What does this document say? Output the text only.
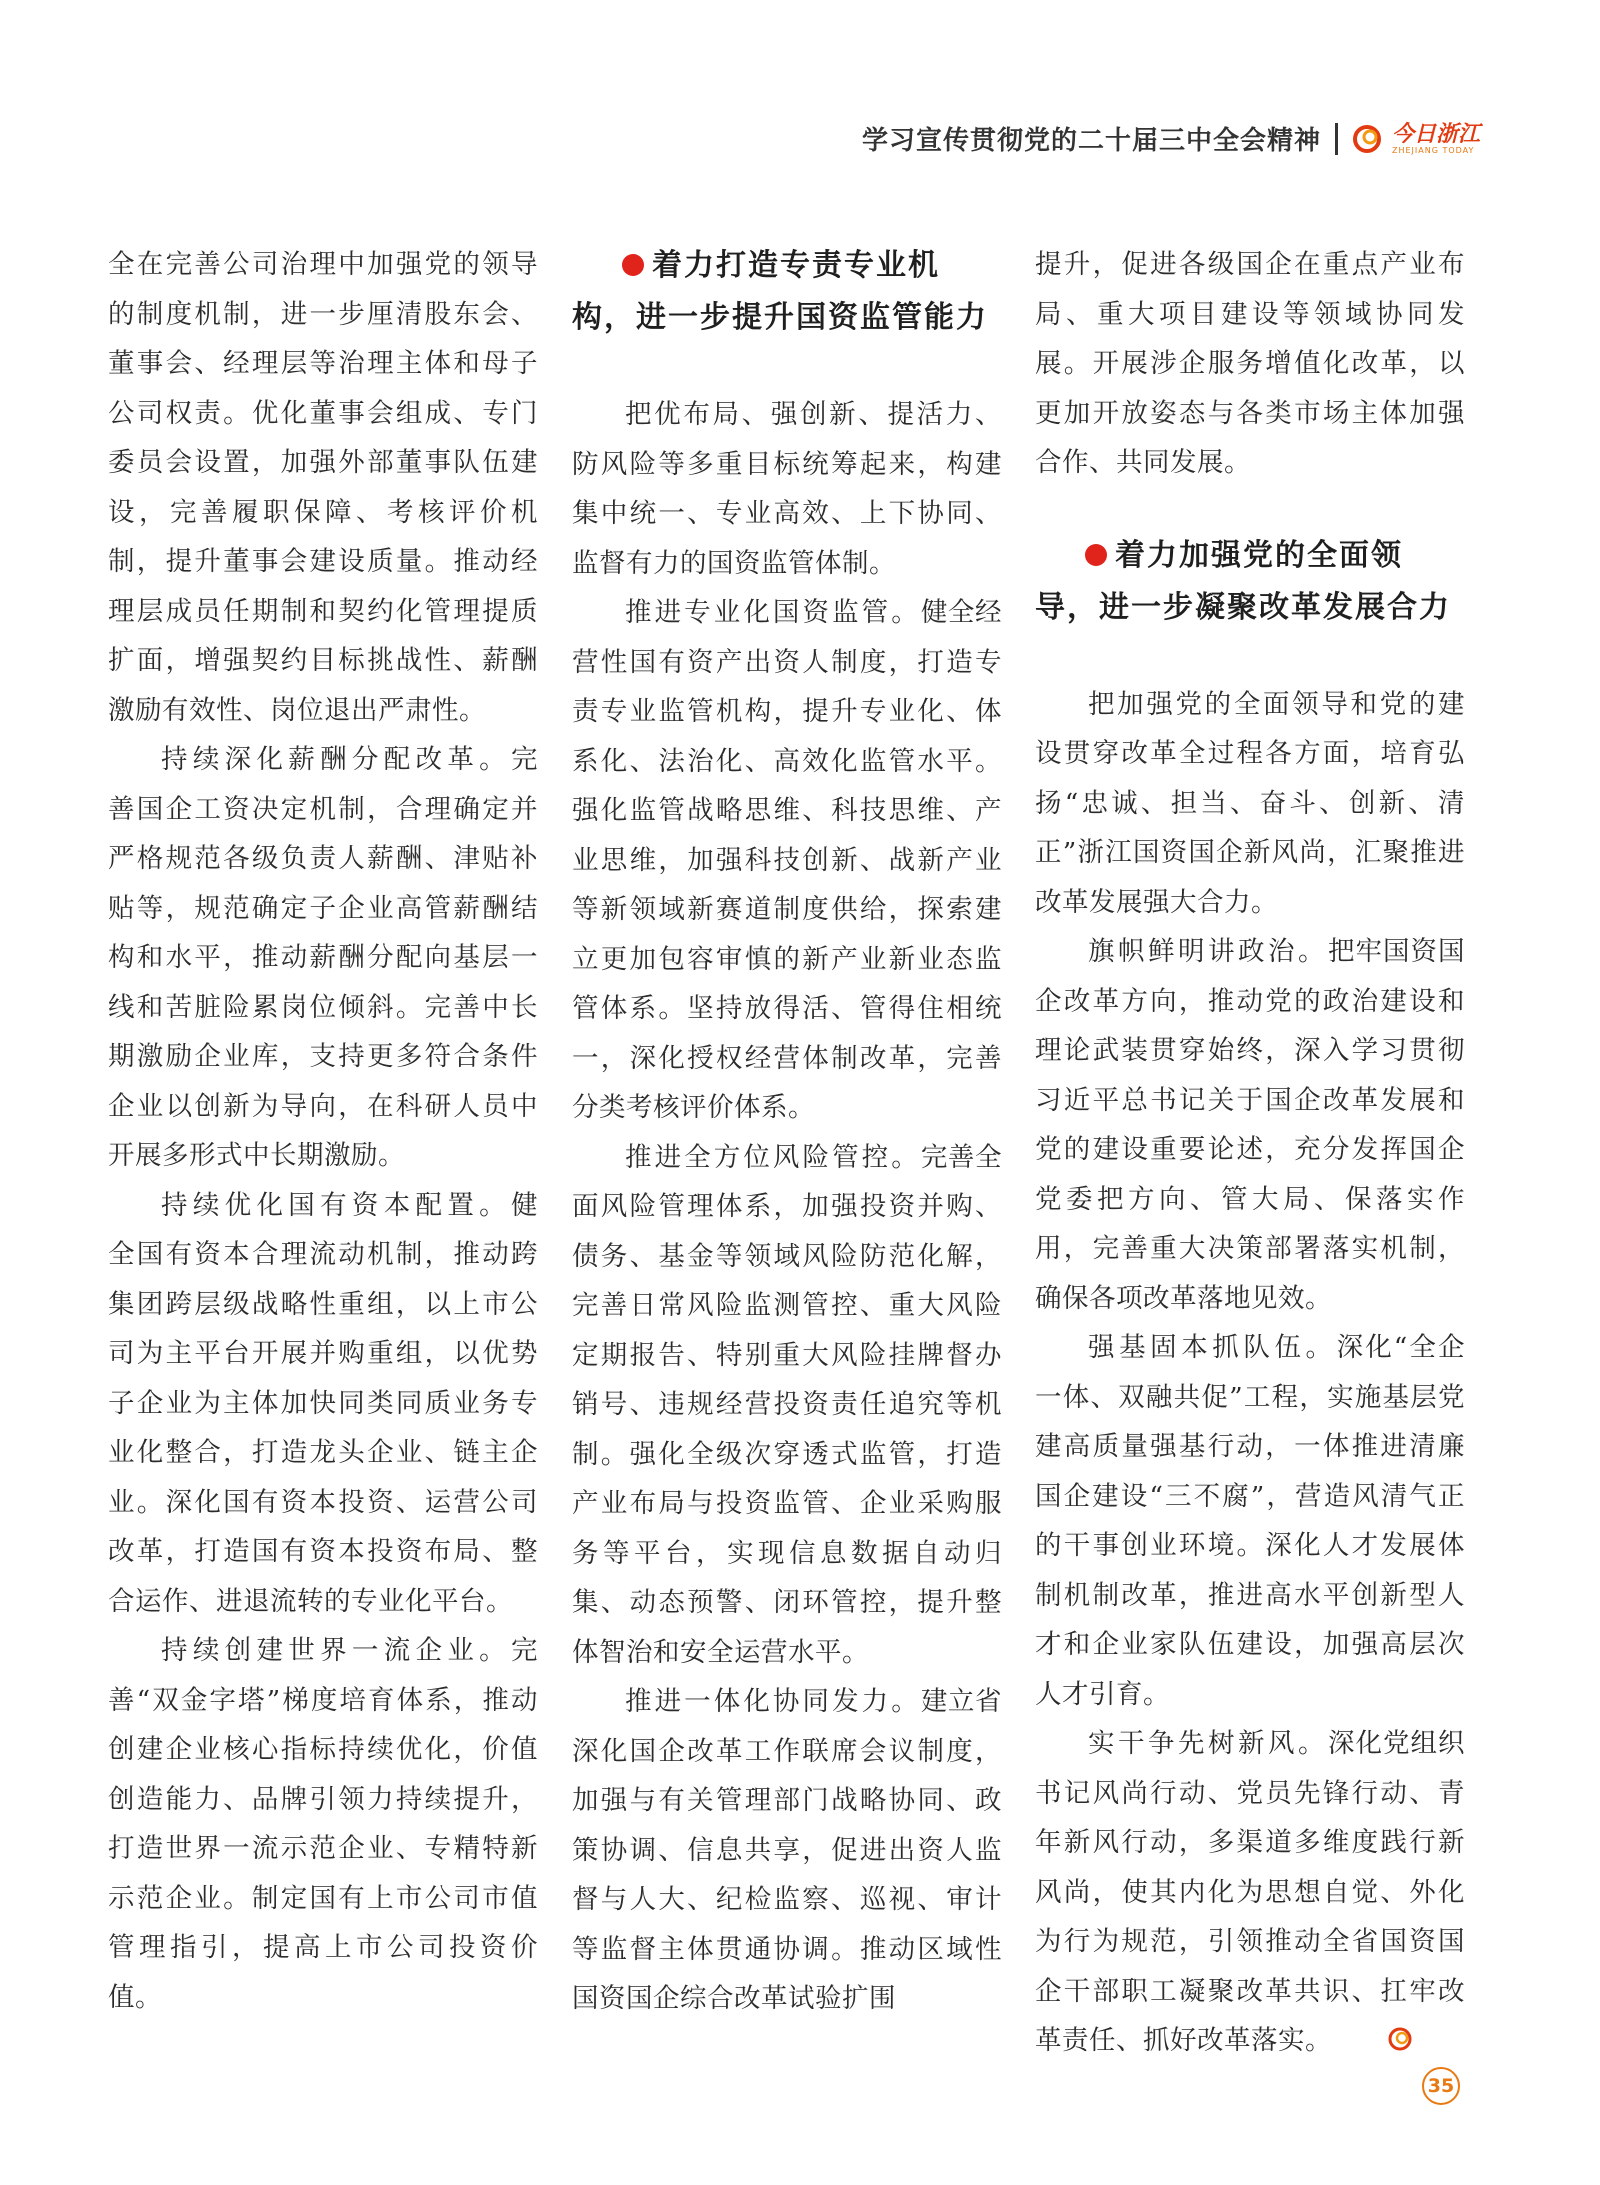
学习宣传贯彻党的二十届三中全会精神	今日浙江
ZHEJIANG TODAY

全在完善公司治理中加强党的领导的制度机制，进一步厘清股东会、董事会、经理层等治理主体和母子公司权责。优化董事会组成、专门委员会设置，加强外部董事队伍建设，完善履职保障、考核评价机制，提升董事会建设质量。推动经理层成员任期制和契约化管理提质扩面，增强契约目标挑战性、薪酬激励有效性、岗位退出严肃性。

持续深化薪酬分配改革。完善国企工资决定机制，合理确定并严格规范各级负责人薪酬、津贴补贴等，规范确定子企业高管薪酬结构和水平，推动薪酬分配向基层一线和苦脏险累岗位倾斜。完善中长期激励企业库，支持更多符合条件企业以创新为导向，在科研人员中开展多形式中长期激励。

持续优化国有资本配置。健全国有资本合理流动机制，推动跨集团跨层级战略性重组，以上市公司为主平台开展并购重组，以优势子企业为主体加快同类同质业务专业化整合，打造龙头企业、链主企业。深化国有资本投资、运营公司改革，打造国有资本投资布局、整合运作、进退流转的专业化平台。

持续创建世界一流企业。完善“双金字塔”梯度培育体系，推动创建企业核心指标持续优化，价值创造能力、品牌引领力持续提升，打造世界一流示范企业、专精特新示范企业。制定国有上市公司市值管理指引，提高上市公司投资价值。

着力打造专责专业机构，进一步提升国资监管能力

把优布局、强创新、提活力、防风险等多重目标统筹起来，构建集中统一、专业高效、上下协同、监督有力的国资监管体制。

推进专业化国资监管。健全经营性国有资产出资人制度，打造专责专业监管机构，提升专业化、体系化、法治化、高效化监管水平。强化监管战略思维、科技思维、产业思维，加强科技创新、战新产业等新领域新赛道制度供给，探索建立更加包容审慎的新产业新业态监管体系。坚持放得活、管得住相统一，深化授权经营体制改革，完善分类考核评价体系。

推进全方位风险管控。完善全面风险管理体系，加强投资并购、债务、基金等领域风险防范化解，完善日常风险监测管控、重大风险定期报告、特别重大风险挂牌督办销号、违规经营投资责任追究等机制。强化全级次穿透式监管，打造产业布局与投资监管、企业采购服务等平台，实现信息数据自动归集、动态预警、闭环管控，提升整体智治和安全运营水平。

推进一体化协同发力。建立省深化国企改革工作联席会议制度，加强与有关管理部门战略协同、政策协调、信息共享，促进出资人监督与人大、纪检监察、巡视、审计等监督主体贯通协调。推动区域性国资国企综合改革试验扩围

提升，促进各级国企在重点产业布局、重大项目建设等领域协同发展。开展涉企服务增值化改革，以更加开放姿态与各类市场主体加强合作、共同发展。

着力加强党的全面领导，进一步凝聚改革发展合力

把加强党的全面领导和党的建设贯穿改革全过程各方面，培育弘扬“忠诚、担当、奋斗、创新、清正”浙江国资国企新风尚，汇聚推进改革发展强大合力。

旗帜鲜明讲政治。把牢国资国企改革方向，推动党的政治建设和理论武装贯穿始终，深入学习贯彻习近平总书记关于国企改革发展和党的建设重要论述，充分发挥国企党委把方向、管大局、保落实作用，完善重大决策部署落实机制，确保各项改革落地见效。

强基固本抓队伍。深化“全企一体、双融共促”工程，实施基层党建高质量强基行动，一体推进清廉国企建设“三不腐”，营造风清气正的干事创业环境。深化人才发展体制机制改革，推进高水平创新型人才和企业家队伍建设，加强高层次人才引育。

实干争先树新风。深化党组织书记风尚行动、党员先锋行动、青年新风行动，多渠道多维度践行新风尚，使其内化为思想自觉、外化为行为规范，引领推动全省国资国企干部职工凝聚改革共识、扛牢改革责任、抓好改革落实。

35
